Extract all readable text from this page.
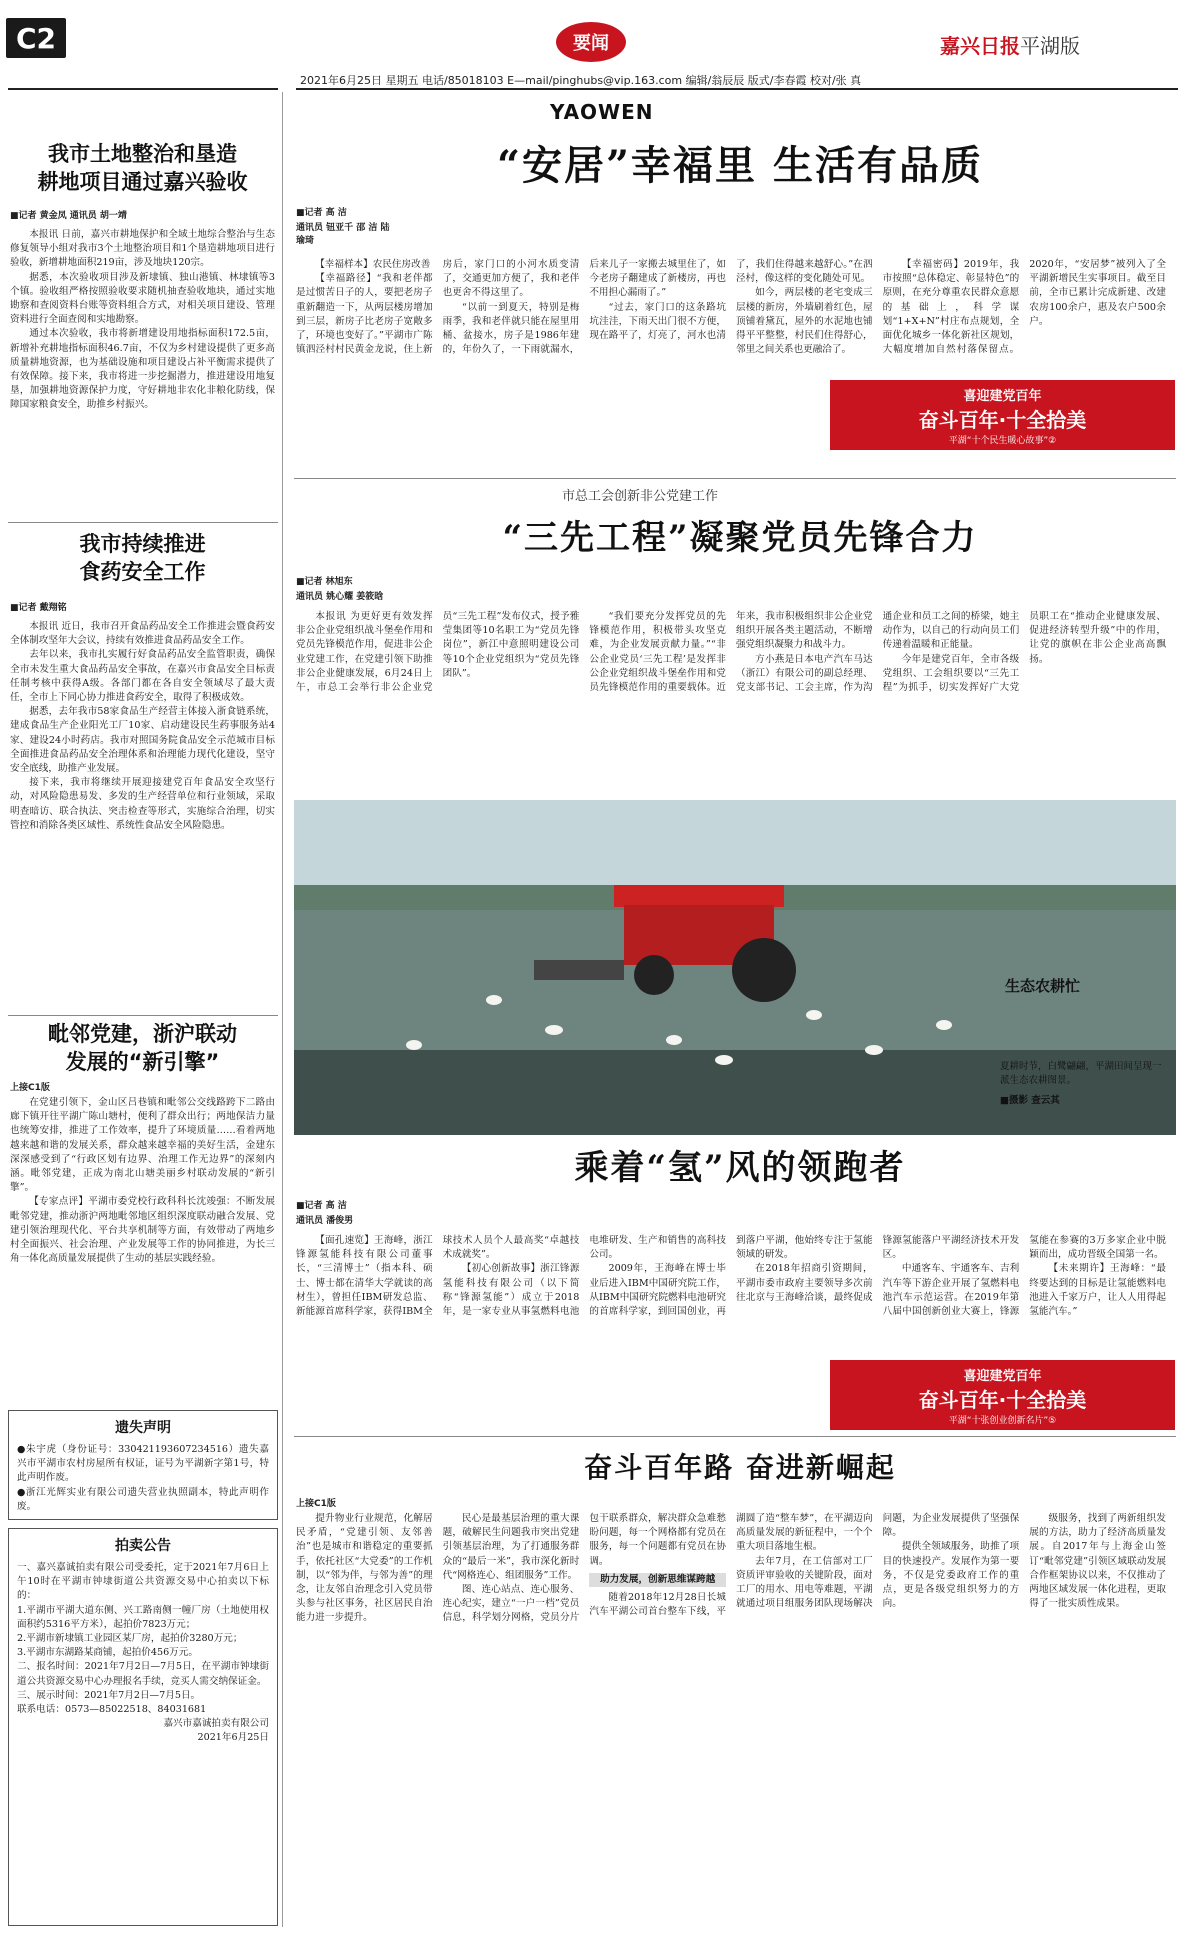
C2	要闻	嘉兴日报平湖版
2021年6月25日 星期五 电话/85018103 E—mail/pinghubs@vip.163.com 编辑/翁辰辰 版式/李春霞 校对/张 真
YAOWEN
我市土地整治和垦造
耕地项目通过嘉兴验收
■记者 黄金凤 通讯员 胡一靖

本报讯 日前，嘉兴市耕地保护和全域土地综合整治与生态修复领导小组对我市3个土地整治项目和1个垦造耕地项目进行验收，新增耕地面积219亩，涉及地块120宗。

据悉，本次验收项目涉及新埭镇、独山港镇、林埭镇等3个镇。验收组严格按照验收要求随机抽查验收地块，通过实地勘察和查阅资料台账等资料组合方式，对相关项目建设、管理资料进行全面查阅和实地勘察。

通过本次验收，我市将新增建设用地指标面积172.5亩，新增补充耕地指标面积46.7亩，不仅为乡村建设提供了更多高质量耕地资源，也为基础设施和项目建设占补平衡需求提供了有效保障。接下来，我市将进一步挖掘潜力，推进建设用地复垦，加强耕地资源保护力度，守好耕地非农化非粮化防线，保障国家粮食安全，助推乡村振兴。

我市持续推进
食药安全工作
■记者 戴翔铭

本报讯 近日，我市召开食品药品安全工作推进会暨食药安全体制攻坚年大会议，持续有效推进食品药品安全工作。

去年以来，我市扎实履行好食品药品安全监管职责，确保全市未发生重大食品药品安全事故，在嘉兴市食品安全目标责任制考核中获得A级。各部门都在各自安全领域尽了最大责任，全市上下同心协力推进食药安全，取得了积极成效。

据悉，去年我市58家食品生产经营主体接入浙食链系统，建成食品生产企业阳光工厂10家、启动建设民生药事服务站4家、建设24小时药店。我市对照国务院食品安全示范城市目标全面推进食品药品安全治理体系和治理能力现代化建设，坚守安全底线，助推产业发展。

接下来，我市将继续开展迎接建党百年食品安全攻坚行动，对风险隐患易发、多发的生产经营单位和行业领域，采取明查暗访、联合执法、突击检查等形式，实施综合治理，切实管控和消除各类区域性、系统性食品安全风险隐患。

毗邻党建，浙沪联动
发展的“新引擎”
上接C1版

在党建引领下，金山区吕巷镇和毗邻公交线路跨下二路由廊下镇开往平湖广陈山塘村，便利了群众出行；两地保洁力量也统筹安排，推进了工作效率，提升了环境质量……看着两地越来越和谐的发展关系，群众越来越幸福的美好生活，金建东深深感受到了“行政区划有边界、治理工作无边界”的深刻内涵。毗邻党建，正成为南北山塘美丽乡村联动发展的“新引擎”。

【专家点评】平湖市委党校行政科科长沈竣强：不断发展毗邻党建，推动浙沪两地毗邻地区组织深度联动融合发展、党建引领治理现代化、平台共享机制等方面，有效带动了两地乡村全面振兴、社会治理、产业发展等工作的协同推进，为长三角一体化高质量发展提供了生动的基层实践经验。

遗失声明
●朱宇虎（身份证号：330421193607234516）遗失嘉兴市平湖市农村房屋所有权证，证号为平湖新字第1号，特此声明作废。
●浙江光辉实业有限公司遗失营业执照副本，特此声明作废。
拍卖公告
一、嘉兴嘉诚拍卖有限公司受委托，定于2021年7月6日上午10时在平湖市钟埭街道公共资源交易中心拍卖以下标的：
1.平湖市平湖大道东侧、兴工路南侧一幢厂房（土地使用权面积约5316平方米），起拍价7823万元；
2.平湖市新埭镇工业园区某厂房，起拍价3280万元；
3.平湖市东湖路某商铺，起拍价456万元。
二、报名时间：2021年7月2日—7月5日，在平湖市钟埭街道公共资源交易中心办理报名手续，竞买人需交纳保证金。
三、展示时间：2021年7月2日—7月5日。
联系电话：0573—85022518、84031681
嘉兴市嘉诚拍卖有限公司
2021年6月25日
“安居”幸福里 生活有品质
■记者 高 洁
通讯员 钮亚千 邵 洁 陆瑜琦

【幸福样本】农民住房改善

【幸福路径】“我和老伴都是过惯苦日子的人，要把老房子重新翻造一下，从两层楼房增加到三层，新房子比老房子宽敞多了，环境也变好了。”平湖市广陈镇泗泾村村民黄金龙说，住上新房后，家门口的小河水质变清了，交通更加方便了，我和老伴也更舍不得这里了。

“以前一到夏天，特别是梅雨季，我和老伴就只能在屋里用桶、盆接水，房子是1986年建的，年份久了，一下雨就漏水，后来儿子一家搬去城里住了，如今老房子翻建成了新楼房，再也不用担心漏雨了。”

“过去，家门口的这条路坑坑洼洼，下雨天出门很不方便，现在路平了，灯亮了，河水也清了，我们住得越来越舒心。”在泗泾村，像这样的变化随处可见。

如今，两层楼的老宅变成三层楼的新房，外墙刷着红色，屋顶铺着黛瓦，屋外的水泥地也铺得平平整整，村民们住得舒心，邻里之间关系也更融洽了。

【幸福密码】2019年，我市按照“总体稳定、彰显特色”的原则，在充分尊重农民群众意愿的基础上，科学谋划“1+X+N”村庄布点规划，全面优化城乡一体化新社区规划，大幅度增加自然村落保留点。2020年，“安居梦”被列入了全平湖新增民生实事项目。截至目前，全市已累计完成新建、改建农房100余户，惠及农户500余户。

喜迎建党百年
奋斗百年·十全拾美
平湖“十个民生暖心故事”②
市总工会创新非公党建工作
“三先工程”凝聚党员先锋合力
■记者 林旭东
通讯员 姚心耀 姜筱晗

本报讯 为更好更有效发挥非公企业党组织战斗堡垒作用和党员先锋模范作用，促进非公企业党建工作，在党建引领下助推非公企业健康发展，6月24日上午，市总工会举行非公企业党员“三先工程”发布仪式，授予雅莹集团等10名职工为“党员先锋岗位”，新江中意照明建设公司等10个企业党组织为“党员先锋团队”。

“我们要充分发挥党员的先锋模范作用，积极带头攻坚克难，为企业发展贡献力量。”“非公企业党员‘三先工程’是发挥非公企业党组织战斗堡垒作用和党员先锋模范作用的重要载体。近年来，我市积极组织非公企业党组织开展各类主题活动，不断增强党组织凝聚力和战斗力。

方小燕是日本电产汽车马达（浙江）有限公司的副总经理、党支部书记、工会主席，作为沟通企业和员工之间的桥梁，她主动作为，以自己的行动向员工们传递着温暖和正能量。

今年是建党百年，全市各级党组织、工会组织要以“三先工程”为抓手，切实发挥好广大党员职工在“推动企业健康发展、促进经济转型升级”中的作用，让党的旗帜在非公企业高高飘扬。

生态农耕忙
夏耕时节，白鹭翩翩，平湖田间呈现一派生态农耕图景。
■摄影 查云其
乘着“氢”风的领跑者
■记者 高 洁
通讯员 潘俊男

【面孔速览】王海峰，浙江锋源氢能科技有限公司董事长，“三清博士”（指本科、硕士、博士都在清华大学就读的高材生），曾担任IBM研发总监、新能源首席科学家，获得IBM全球技术人员个人最高奖“卓越技术成就奖”。

【初心创新故事】浙江锋源氢能科技有限公司（以下简称“锋源氢能”）成立于2018年，是一家专业从事氢燃料电池电堆研发、生产和销售的高科技公司。

2009年，王海峰在博士毕业后进入IBM中国研究院工作，从IBM中国研究院燃料电池研究的首席科学家，到回国创业，再到落户平湖，他始终专注于氢能领域的研发。

在2018年招商引资期间，平湖市委市政府主要领导多次前往北京与王海峰洽谈，最终促成锋源氢能落户平湖经济技术开发区。

中通客车、宇通客车、吉利汽车等下游企业开展了氢燃料电池汽车示范运营。在2019年第八届中国创新创业大赛上，锋源氢能在参赛的3万多家企业中脱颖而出，成功晋级全国第一名。

【未来期许】王海峰：“最终要达到的目标是让氢能燃料电池进入千家万户，让人人用得起氢能汽车。”

喜迎建党百年
奋斗百年·十全拾美
平湖“十张创业创新名片”⑤
奋斗百年路 奋进新崛起
上接C1版

提升物业行业规范，化解居民矛盾，“党建引领、友邻善治”也是城市和谐稳定的重要抓手，依托社区“大党委”的工作机制，以“邻为伴，与邻为善”的理念，让友邻自治理念引入党员带头参与社区事务，社区居民自治能力进一步提升。

民心是最基层治理的重大课题，破解民生问题我市突出党建引领基层治理，为了打通服务群众的“最后一米”，我市深化新时代“网格连心、组团服务”工作。

图、连心站点、连心服务、连心纪实，建立“一户一档”党员信息，科学划分网格，党员分片包干联系群众，解决群众急难愁盼问题，每一个网格都有党员在服务，每一个问题都有党员在协调。

助力发展，创新思维谋跨越

随着2018年12月28日长城汽车平湖公司首台整车下线，平湖圆了造“整车梦”，在平湖迈向高质量发展的新征程中，一个个重大项目落地生根。

去年7月，在工信部对工厂资质评审验收的关键阶段，面对工厂的用水、用电等难题，平湖就通过项目组服务团队现场解决问题，为企业发展提供了坚强保障。

提供全领域服务，助推了项目的快速投产。发展作为第一要务，不仅是党委政府工作的重点，更是各级党组织努力的方向。

级服务，找到了两新组织发展的方法，助力了经济高质量发展。自2017年与上海金山签订“毗邻党建”引领区域联动发展合作框架协议以来，不仅推动了两地区域发展一体化进程，更取得了一批实质性成果。
